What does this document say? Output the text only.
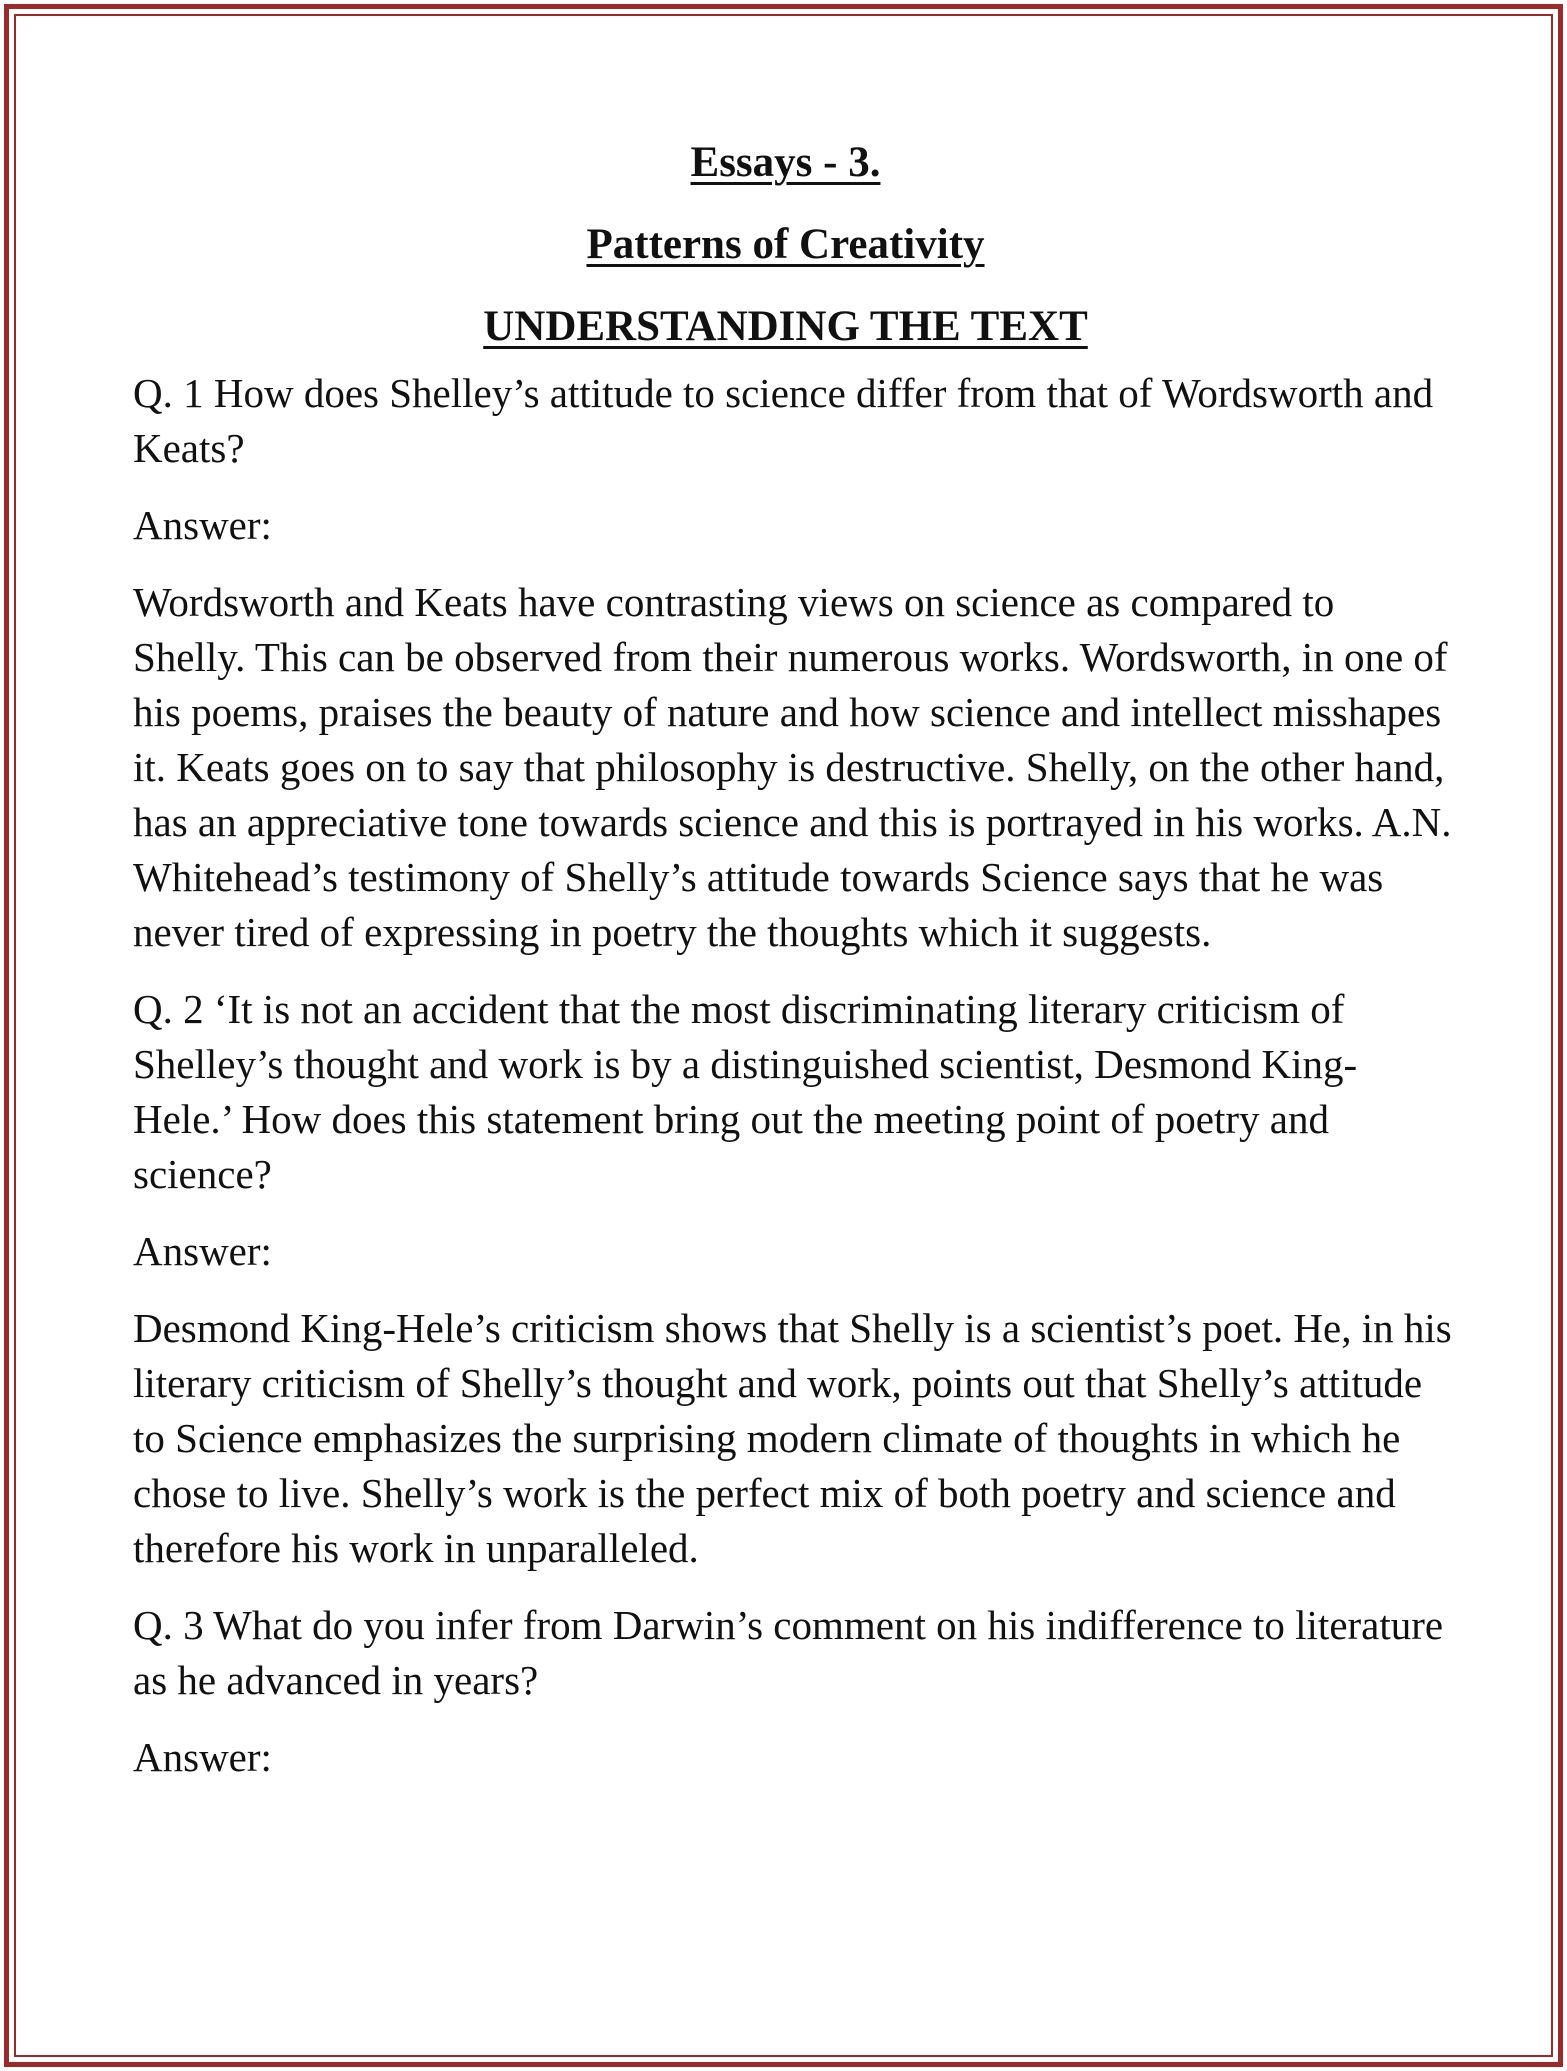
Essays - 3.
Patterns of Creativity
UNDERSTANDING THE TEXT
Q. 1 How does Shelley’s attitude to science differ from that of Wordsworth and Keats?
Answer:
Wordsworth and Keats have contrasting views on science as compared to Shelly. This can be observed from their numerous works. Wordsworth, in one of his poems, praises the beauty of nature and how science and intellect misshapes it. Keats goes on to say that philosophy is destructive. Shelly, on the other hand, has an appreciative tone towards science and this is portrayed in his works. A.N. Whitehead’s testimony of Shelly’s attitude towards Science says that he was never tired of expressing in poetry the thoughts which it suggests.
Q. 2 ‘It is not an accident that the most discriminating literary criticism of Shelley’s thought and work is by a distinguished scientist, Desmond King-Hele.’ How does this statement bring out the meeting point of poetry and science?
Answer:
Desmond King-Hele’s criticism shows that Shelly is a scientist’s poet. He, in his literary criticism of Shelly’s thought and work, points out that Shelly’s attitude to Science emphasizes the surprising modern climate of thoughts in which he chose to live. Shelly’s work is the perfect mix of both poetry and science and therefore his work in unparalleled.
Q. 3 What do you infer from Darwin’s comment on his indifference to literature as he advanced in years?
Answer:
